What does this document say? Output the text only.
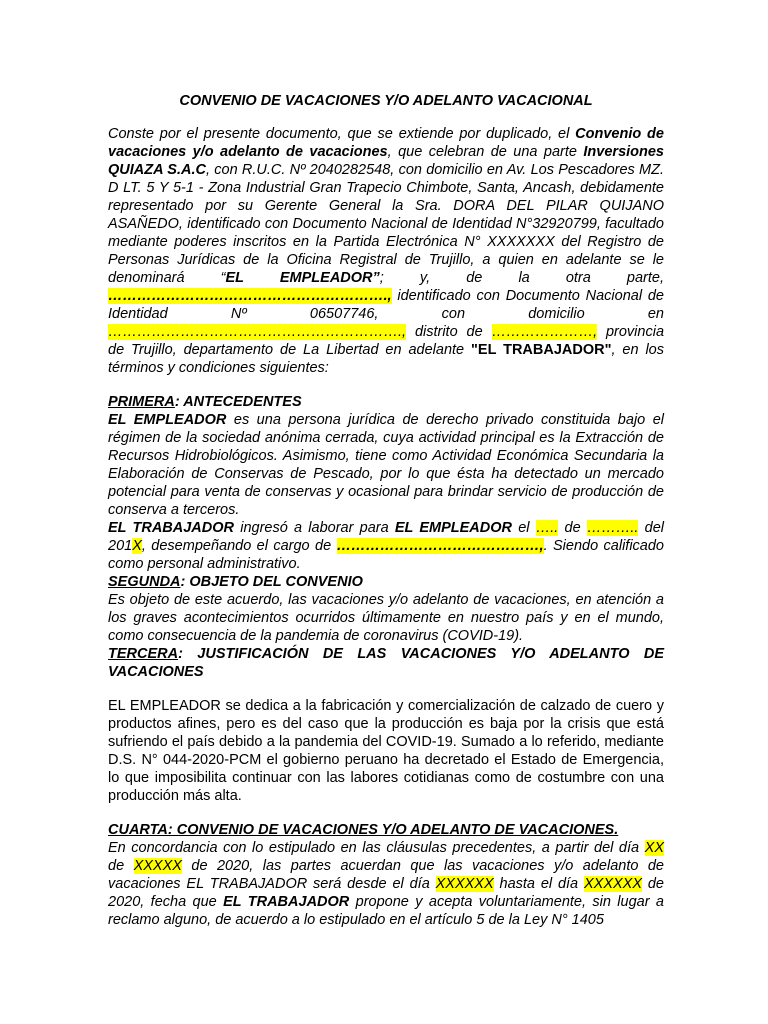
CONVENIO DE VACACIONES Y/O ADELANTO VACACIONAL

Conste por el presente documento, que se extiende por duplicado, el Convenio de vacaciones y/o adelanto de vacaciones, que celebran de una parte Inversiones QUIAZA S.A.C, con R.U.C. Nº 2040282548, con domicilio en Av. Los Pescadores MZ. D LT. 5 Y 5-1 - Zona Industrial Gran Trapecio Chimbote, Santa, Ancash, debidamente representado por su Gerente General la Sra. DORA DEL PILAR QUIJANO ASAÑEDO, identificado con Documento Nacional de Identidad N°32920799, facultado mediante poderes inscritos en la Partida Electrónica N° XXXXXXX del Registro de Personas Jurídicas de la Oficina Registral de Trujillo, a quien en adelante se le denominará “EL EMPLEADOR”; y, de la otra parte, …………………………………………………., identificado con Documento Nacional de Identidad Nº 06507746, con domicilio en ……………………………………………………., distrito de …………………, provincia de Trujillo, departamento de La Libertad en adelante "EL TRABAJADOR", en los términos y condiciones siguientes:

PRIMERA: ANTECEDENTES

EL EMPLEADOR es una persona jurídica de derecho privado constituida bajo el régimen de la sociedad anónima cerrada, cuya actividad principal es la Extracción de Recursos Hidrobiológicos. Asimismo, tiene como Actividad Económica Secundaria la Elaboración de Conservas de Pescado, por lo que ésta ha detectado un mercado potencial para venta de conservas y ocasional para brindar servicio de producción de conserva a terceros.

EL TRABAJADOR ingresó a laborar para EL EMPLEADOR el ….. de ……….. del 201X, desempeñando el cargo de ……………………………………,. Siendo calificado como personal administrativo.

SEGUNDA: OBJETO DEL CONVENIO

Es objeto de este acuerdo, las vacaciones y/o adelanto de vacaciones, en atención a los graves acontecimientos ocurridos últimamente en nuestro país y en el mundo, como consecuencia de la pandemia de coronavirus (COVID-19).

TERCERA: JUSTIFICACIÓN DE LAS VACACIONES Y/O ADELANTO DE VACACIONES

EL EMPLEADOR se dedica a la fabricación y comercialización de calzado de cuero y productos afines, pero es del caso que la producción es baja por la crisis que está sufriendo el país debido a la pandemia del COVID-19. Sumado a lo referido, mediante D.S. N° 044-2020-PCM el gobierno peruano ha decretado el Estado de Emergencia, lo que imposibilita continuar con las labores cotidianas como de costumbre con una producción más alta.

CUARTA: CONVENIO DE VACACIONES Y/O ADELANTO DE VACACIONES.

En concordancia con lo estipulado en las cláusulas precedentes, a partir del día XX de XXXXX de 2020, las partes acuerdan que las vacaciones y/o adelanto de vacaciones EL TRABAJADOR será desde el día XXXXXX hasta el día XXXXXX de 2020, fecha que EL TRABAJADOR propone y acepta voluntariamente, sin lugar a reclamo alguno, de acuerdo a lo estipulado en el artículo 5 de la Ley N° 1405
